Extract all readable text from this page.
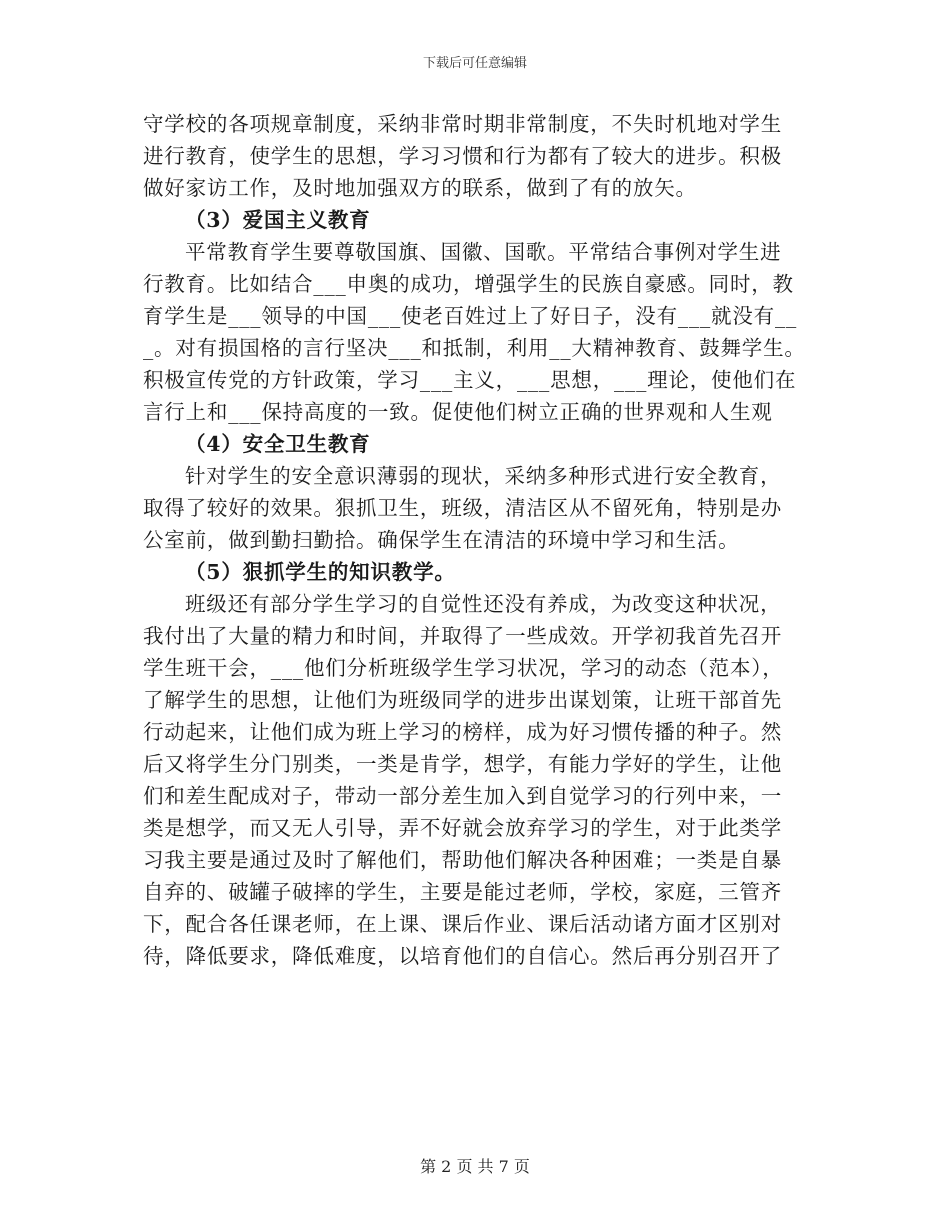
下载后可任意编辑
守学校的各项规章制度，采纳非常时期非常制度，不失时机地对学生
进行教育，使学生的思想，学习习惯和行为都有了较大的进步。积极
做好家访工作，及时地加强双方的联系，做到了有的放矢。
（3）爱国主义教育
平常教育学生要尊敬国旗、国徽、国歌。平常结合事例对学生进
行教育。比如结合___申奥的成功，增强学生的民族自豪感。同时，教
育学生是___领导的中国___使老百姓过上了好日子，没有___就没有__
_。对有损国格的言行坚决___和抵制，利用__大精神教育、鼓舞学生。
积极宣传党的方针政策，学习___主义，___思想，___理论，使他们在
言行上和___保持高度的一致。促使他们树立正确的世界观和人生观
（4）安全卫生教育
针对学生的安全意识薄弱的现状，采纳多种形式进行安全教育，
取得了较好的效果。狠抓卫生，班级，清洁区从不留死角，特别是办
公室前，做到勤扫勤拾。确保学生在清洁的环境中学习和生活。
（5）狠抓学生的知识教学。
班级还有部分学生学习的自觉性还没有养成，为改变这种状况，
我付出了大量的精力和时间，并取得了一些成效。开学初我首先召开
学生班干会，___他们分析班级学生学习状况，学习的动态（范本），
了解学生的思想，让他们为班级同学的进步出谋划策，让班干部首先
行动起来，让他们成为班上学习的榜样，成为好习惯传播的种子。然
后又将学生分门别类，一类是肯学，想学，有能力学好的学生，让他
们和差生配成对子，带动一部分差生加入到自觉学习的行列中来，一
类是想学，而又无人引导，弄不好就会放弃学习的学生，对于此类学
习我主要是通过及时了解他们，帮助他们解决各种困难；一类是自暴
自弃的、破罐子破摔的学生，主要是能过老师，学校，家庭，三管齐
下，配合各任课老师，在上课、课后作业、课后活动诸方面才区别对
待，降低要求，降低难度，以培育他们的自信心。然后再分别召开了
第 2 页 共 7 页
